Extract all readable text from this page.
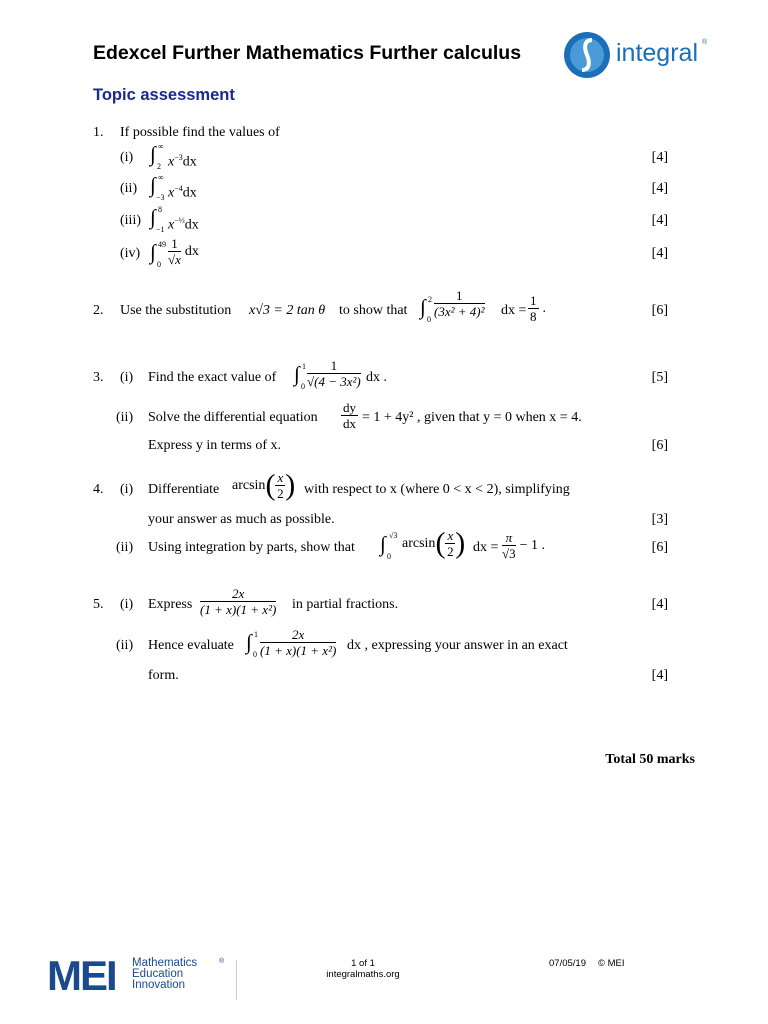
Edexcel Further Mathematics Further calculus
Topic assessment
integral ®
1. If possible find the values of
(i) ∫ ∞
2 $x^{-3}dx$	[4]
(ii) ∫ ∞
−3 $x^{-4}dx$	[4]
(iii) ∫ 8
−1 $x^{-\frac{1}{3}}dx$	[4]
(iv) ∫ 49
$0 \frac{1}{√x}$ dx	[4]
2. Use the substitution x√3 = 2 tan θ to show that ∫ 2
0
$\frac{1}{\text{(3x² + 4)²}}$ dx = $\frac{1}{8}$ .	[6]
3. (i) Find the exact value of ∫ 1
$0 \frac{1}{\text{√(4 − 3x²)}}$ dx .	[5]
(ii) Solve the differential equation $\frac{dy}{dx} = 1 + 4y^2$ , given that y = 0 when x = 4.
Express y in terms of x.	[6]
4. (i) Differentiate $\arcsin( \frac{x}{2}$ ) with respect to x (where 0 < x < 2), simplifying
your answer as much as possible.	[3]
(ii) Using integration by parts, show that ∫ √3
0
$\arcsin( \frac{x}{2}$ ) dx = $\frac{\pi}{√3} - 1$ .	[6]
5. (i) Express $\frac{2x}{\text{(1 + x)(1 + x²)}}$ in partial fractions.	[4]
(ii) Hence evaluate ∫ 1
$0 \frac{2x}{\text{(1 + x)(1 + x²)}}$ dx , expressing your answer in an exact
form.	[4]
Total 50 marks
MEI Mathematics
Education
Innovation
®	1 of 1
integralmaths.org
07/05/19 © MEI
